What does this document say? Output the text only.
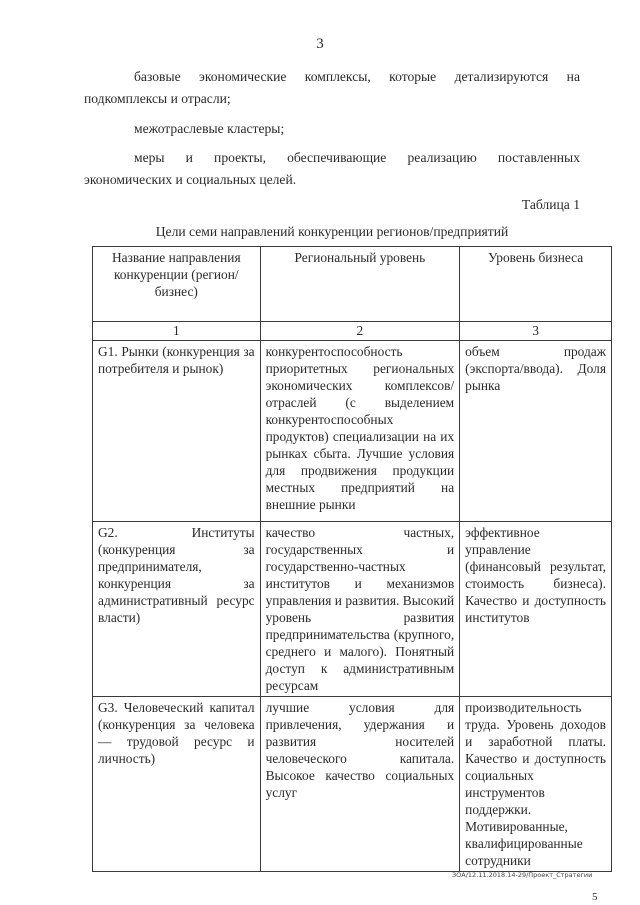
3

базовые экономические комплексы, которые детализируются на подкомплексы и отрасли;

межотраслевые кластеры;

меры и проекты, обеспечивающие реализацию поставленных экономических и социальных целей.

Таблица 1
Цели семи направлений конкуренции регионов/предприятий
Название направления конкуренции (регион/бизнес)	Региональный уровень	Уровень бизнеса
1	2	3
G1. Рынки (конкуренция за потребителя и рынок)	конкурентоспособность приоритетных региональных экономических комплексов/отраслей (с выделением конкурентоспособных продуктов) специализации на их рынках сбыта. Лучшие условия для продвижения продукции местных предприятий на внешние рынки	объем продаж (экспорта/ввода). Доля рынка
G2. Институты (конкуренция за предпринимателя, конкуренция за административный ресурс власти)	качество частных, государственных и государственно-частных институтов и механизмов управления и развития. Высокий уровень развития предпринимательства (крупного, среднего и малого). Понятный доступ к административным ресурсам	эффективное управление (финансовый результат, стоимость бизнеса). Качество и доступность институтов
G3. Человеческий капитал (конкуренция за человека — трудовой ресурс и личность)	лучшие условия для привлечения, удержания и развития носителей человеческого капитала. Высокое качество социальных услуг	производительность труда. Уровень доходов и заработной платы. Качество и доступность социальных инструментов поддержки. Мотивированные, квалифицированные сотрудники
ЗОА/12.11.2018.14-29/Проект_Стратегии
5
